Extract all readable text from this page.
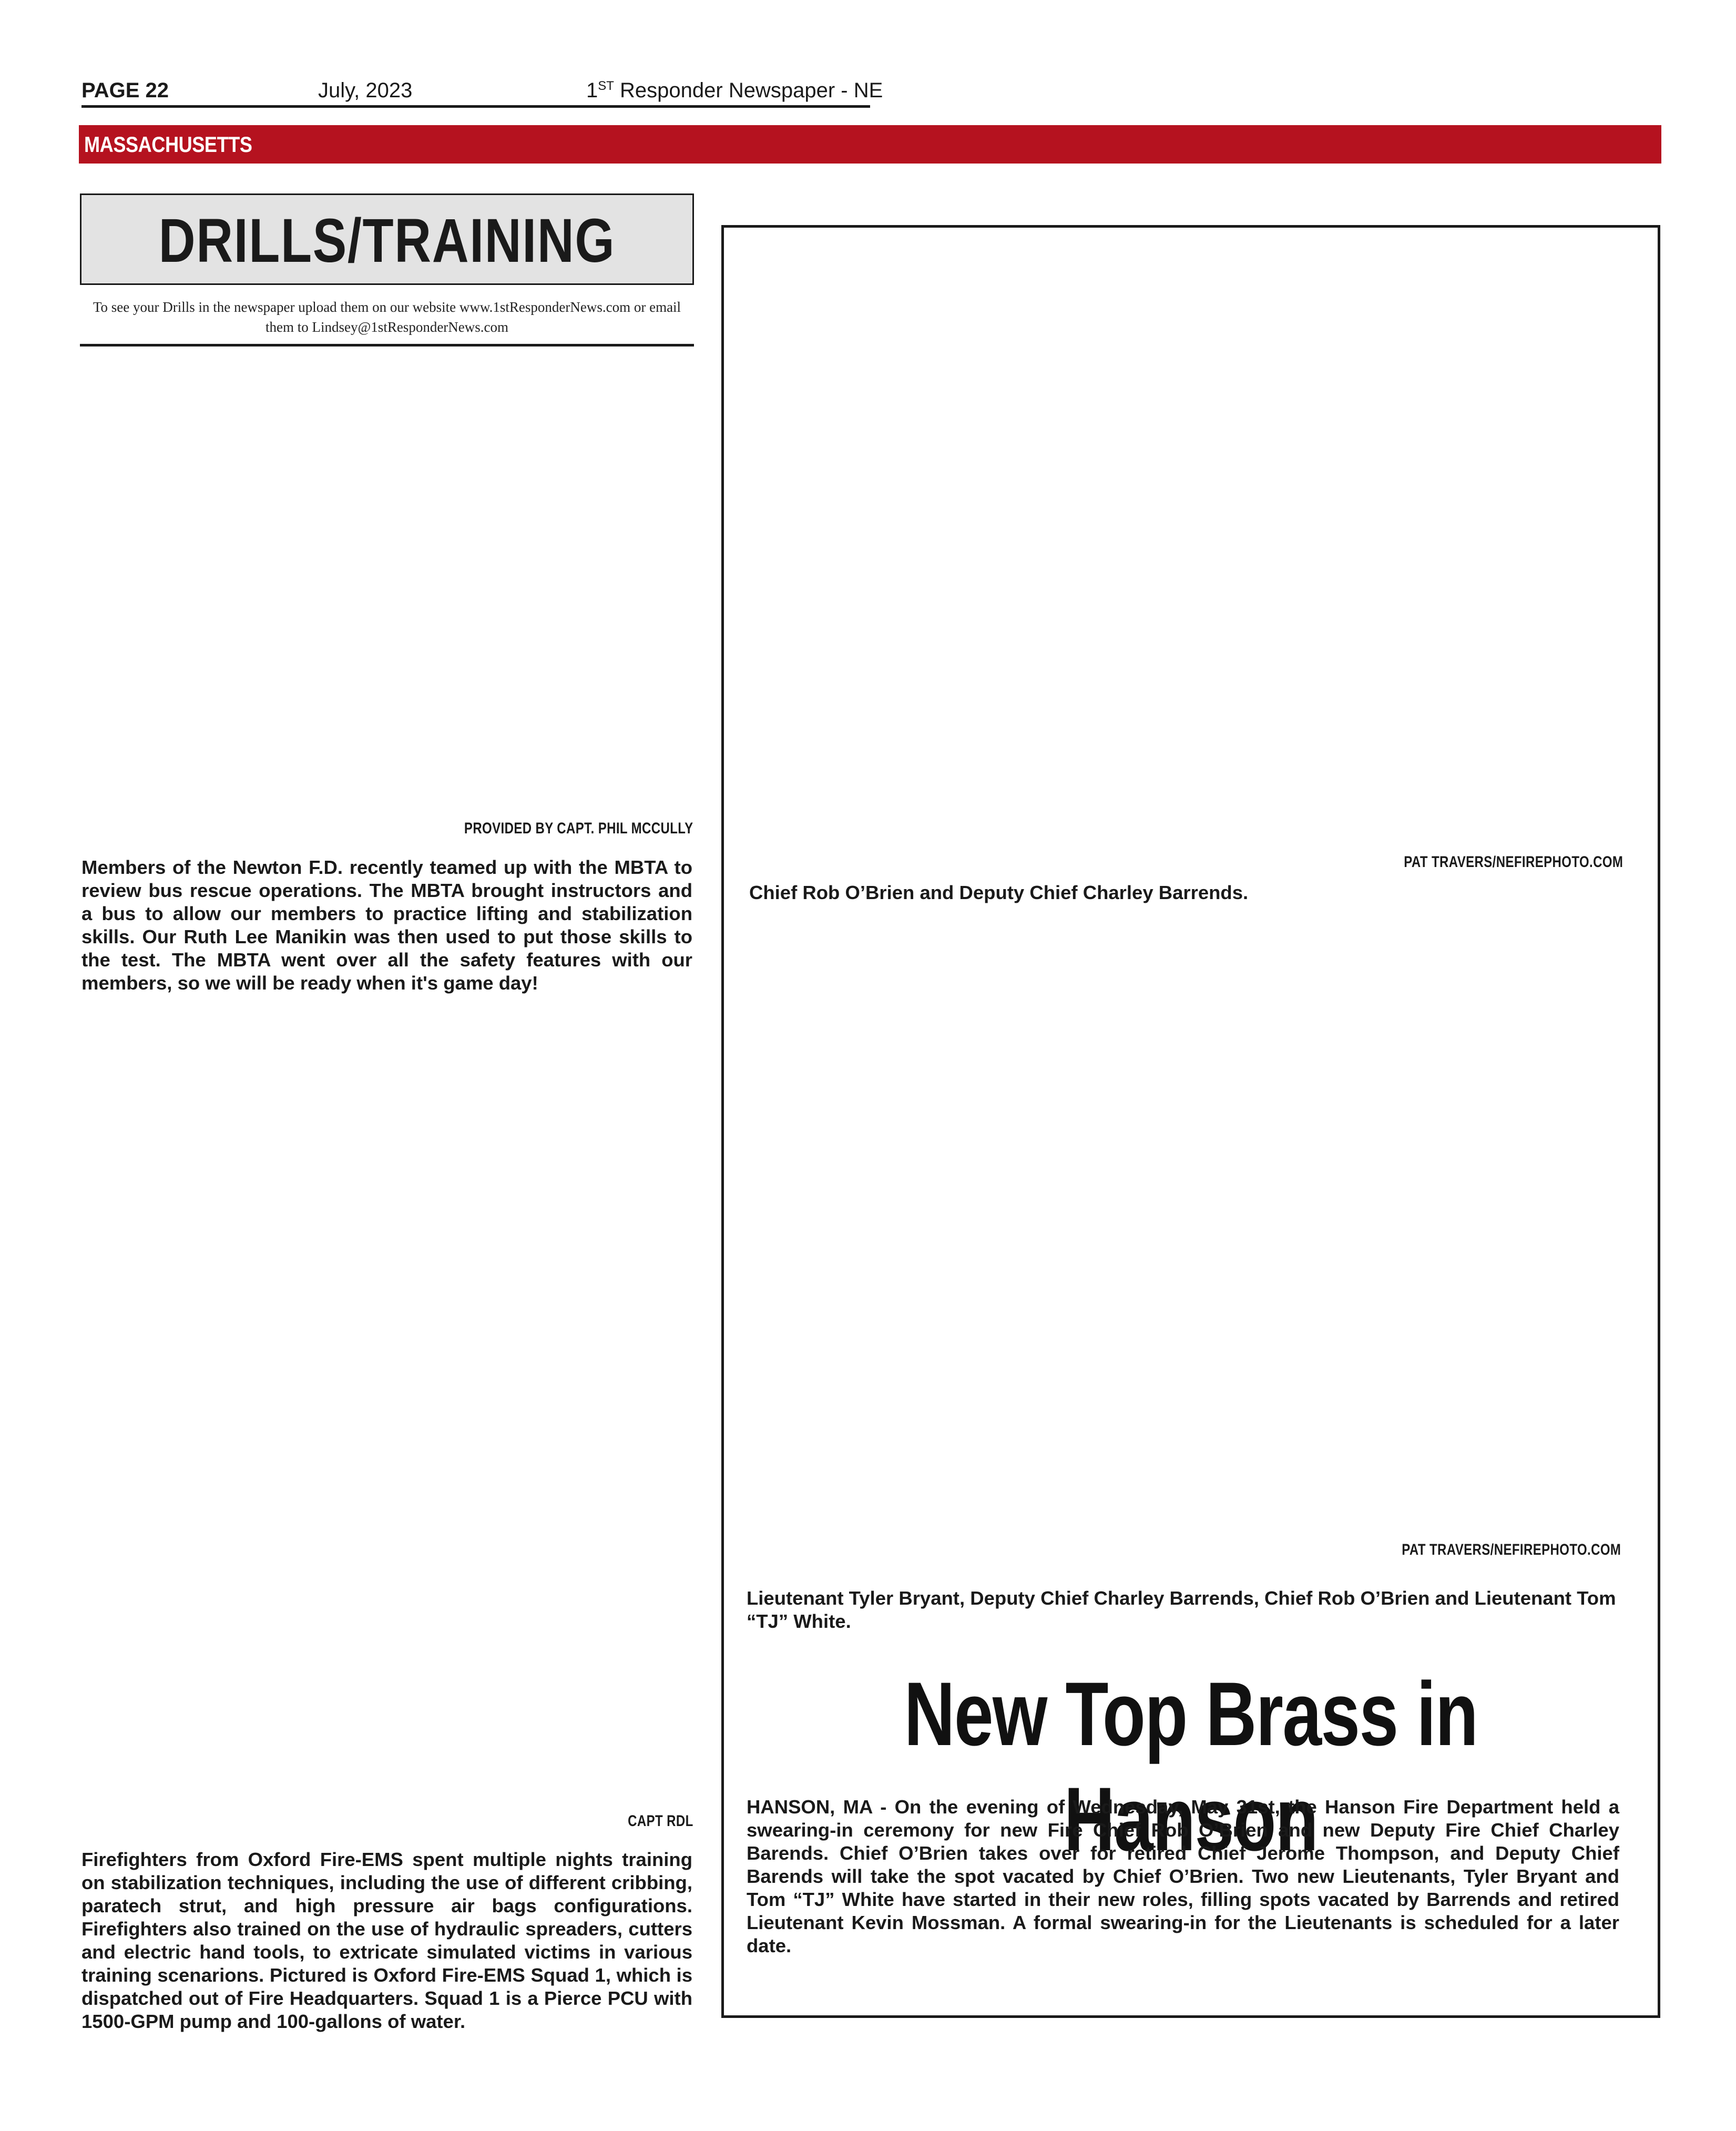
PAGE 22	July, 2023	1ST Responder Newspaper - NE
MASSACHUSETTS
DRILLS/TRAINING
To see your Drills in the newspaper upload them on our website www.1stResponderNews.com or email them to Lindsey@1stResponderNews.com
PROVIDED BY CAPT. PHIL MCCULLY
Members of the Newton F.D. recently teamed up with the MBTA to review bus rescue operations. The MBTA brought instructors and a bus to allow our members to practice lifting and stabilization skills. Our Ruth Lee Manikin was then used to put those skills to the test. The MBTA went over all the safety features with our members, so we will be ready when it's game day!
CAPT RDL
Firefighters from Oxford Fire-EMS spent multiple nights training on stabilization techniques, including the use of different cribbing, paratech strut, and high pressure air bags configurations. Firefighters also trained on the use of hydraulic spreaders, cutters and electric hand tools, to extricate simulated victims in various training scenarions. Pictured is Oxford Fire-EMS Squad 1, which is dispatched out of Fire Headquarters. Squad 1 is a Pierce PCU with 1500-GPM pump and 100-gallons of water.
PAT TRAVERS/NEFIREPHOTO.COM
Chief Rob O’Brien and Deputy Chief Charley Barrends.
PAT TRAVERS/NEFIREPHOTO.COM
Lieutenant Tyler Bryant, Deputy Chief Charley Barrends, Chief Rob O’Brien and Lieutenant Tom “TJ” White.
New Top Brass in Hanson
HANSON, MA - On the evening of Wednesday, May 31st, the Hanson Fire Department held a swearing-in ceremony for new Fire Chief Rob O’Brien and new Deputy Fire Chief Charley Barends. Chief O’Brien takes over for retired Chief Jerome Thompson, and Deputy Chief Barends will take the spot vacated by Chief O’Brien. Two new Lieutenants, Tyler Bryant and Tom “TJ” White have started in their new roles, filling spots vacated by Barrends and retired Lieutenant Kevin Mossman. A formal swearing-in for the Lieutenants is scheduled for a later date.
